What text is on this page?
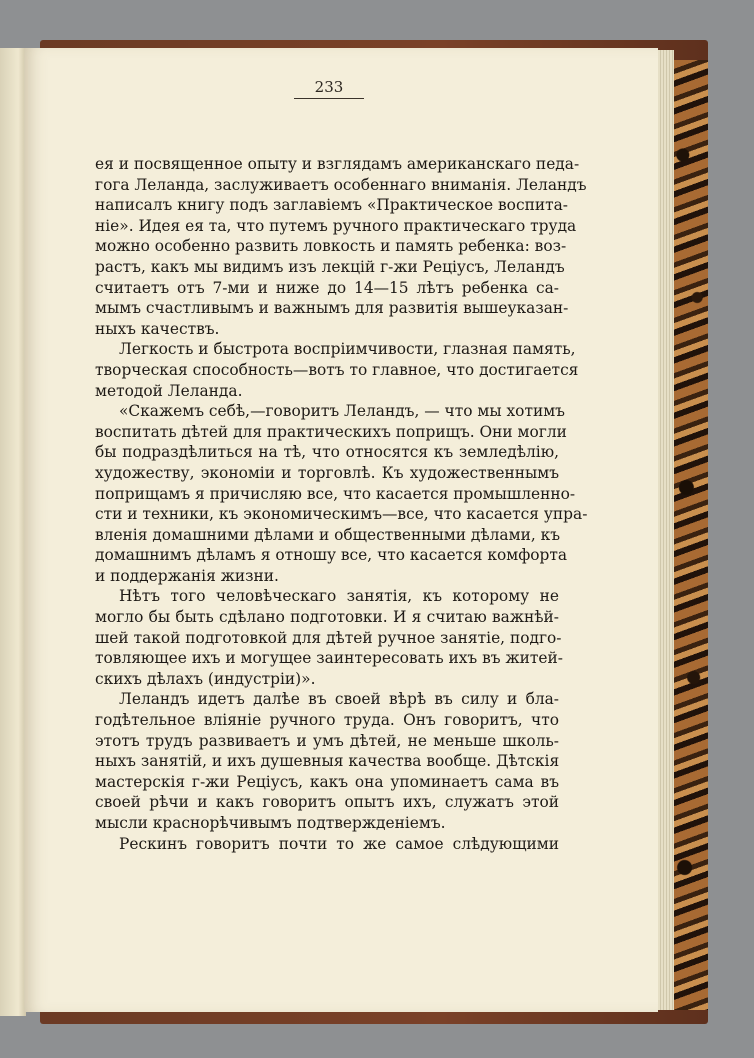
233
ея и посвященное опыту и взглядамъ американскаго педа-
гога Леланда, заслуживаетъ особеннаго вниманія. Леландъ
написалъ книгу подъ заглавіемъ «Практическое воспита-
ніе». Идея ея та, что путемъ ручного практическаго труда
можно особенно развить ловкость и память ребенка: воз-
растъ, какъ мы видимъ изъ лекцій г-жи Рецiусъ, Леландъ
считаетъ отъ 7-ми и ниже до 14—15 лѣтъ ребенка са-
мымъ счастливымъ и важнымъ для развитія вышеуказан-
ныхъ качествъ.
Легкость и быстрота воспріимчивости, глазная память,
творческая способность—вотъ то главное, что достигается
методой Леланда.
«Скажемъ себѣ,—говоритъ Леландъ, — что мы хотимъ
воспитать дѣтей для практическихъ поприщъ. Они могли
бы подраздѣлиться на тѣ, что относятся къ земледѣлію,
художеству, экономіи и торговлѣ. Къ художественнымъ
поприщамъ я причисляю все, что касается промышленно-
сти и техники, къ экономическимъ—все, что касается упра-
вленія домашними дѣлами и общественными дѣлами, къ
домашнимъ дѣламъ я отношу все, что касается комфорта
и поддержанія жизни.
Нѣтъ того человѣческаго занятія, къ которому не
могло бы быть сдѣлано подготовки. И я считаю важнѣй-
шей такой подготовкой для дѣтей ручное занятіе, подго-
товляющее ихъ и могущее заинтересовать ихъ въ житей-
скихъ дѣлахъ (индустріи)».
Леландъ идетъ далѣе въ своей вѣрѣ въ силу и бла-
годѣтельное вліяніе ручного труда. Онъ говоритъ, что
этотъ трудъ развиваетъ и умъ дѣтей, не меньше школь-
ныхъ занятій, и ихъ душевныя качества вообще. Дѣтскія
мастерскія г-жи Рецiусъ, какъ она упоминаетъ сама въ
своей рѣчи и какъ говоритъ опытъ ихъ, служатъ этой
мысли краснорѣчивымъ подтвержденіемъ.
Рескинъ говоритъ почти то же самое слѣдующими
